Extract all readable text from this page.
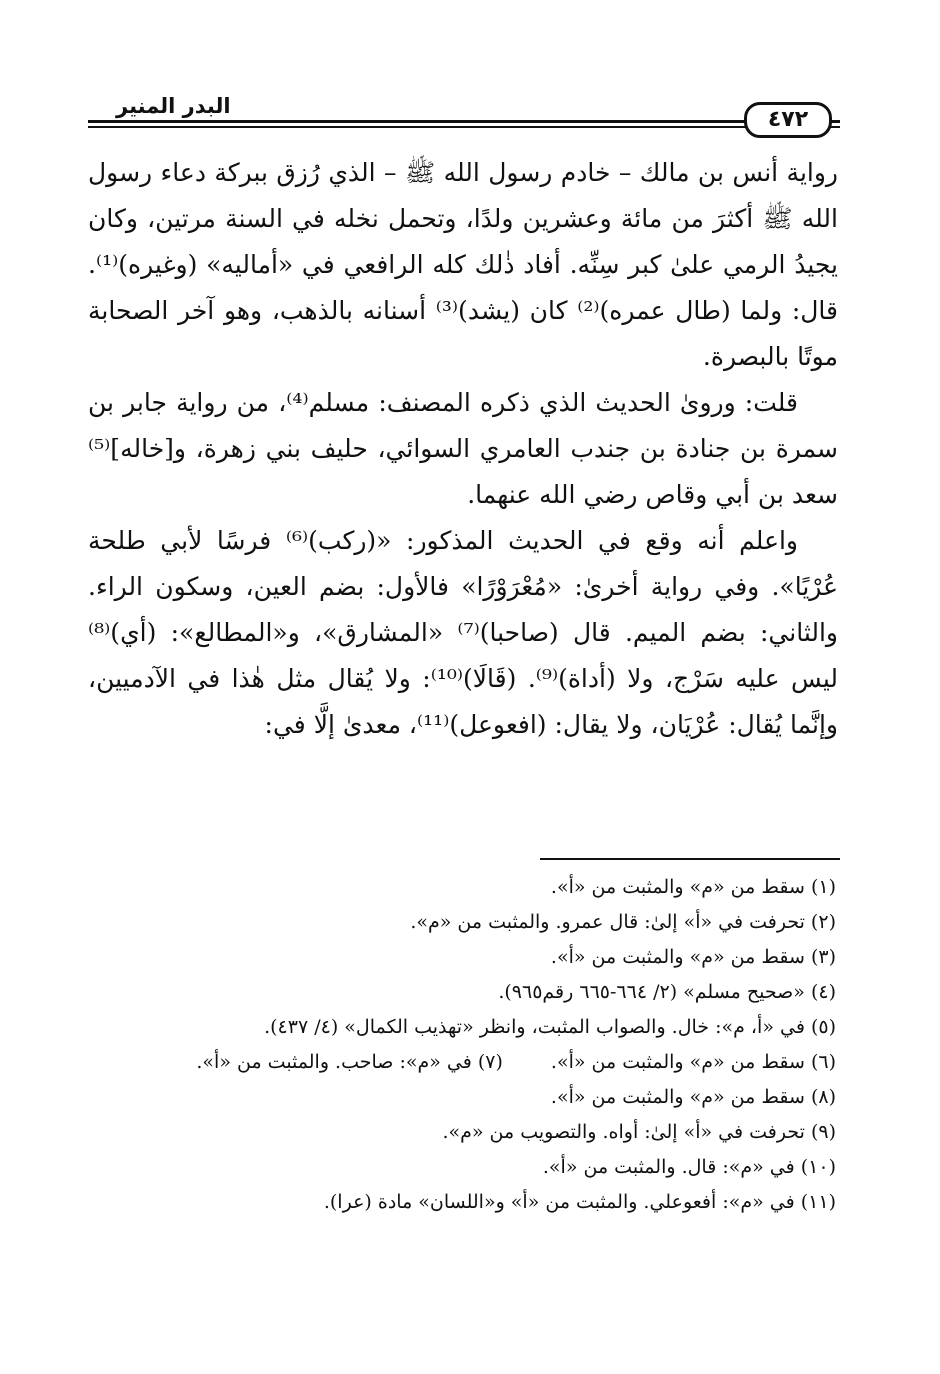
البدر المنير
٤٧٢

رواية أنس بن مالك – خادم رسول الله ﷺ – الذي رُزق ببركة دعاء رسول الله ﷺ أكثرَ من مائة وعشرين ولدًا، وتحمل نخله في السنة مرتين، وكان يجيدُ الرمي علىٰ كبر سِنِّه. أفاد ذٰلك كله الرافعي في «أماليه» (وغيره)⁽¹⁾. قال: ولما (طال عمره)⁽²⁾ كان (يشد)⁽³⁾ أسنانه بالذهب، وهو آخر الصحابة موتًا بالبصرة.

قلت: ورویٰ الحديث الذي ذكره المصنف: مسلم⁽⁴⁾، من رواية جابر بن سمرة بن جنادة بن جندب العامري السوائي، حليف بني زهرة، و[خاله]⁽⁵⁾ سعد بن أبي وقاص رضي الله عنهما.

واعلم أنه وقع في الحديث المذكور: «(ركب)⁽⁶⁾ فرسًا لأبي طلحة عُرْيًا». وفي رواية أخرىٰ: «مُعْرَوْرًا» فالأول: بضم العين، وسكون الراء. والثاني: بضم الميم. قال (صاحبا)⁽⁷⁾ «المشارق»، و«المطالع»: (أي)⁽⁸⁾ ليس عليه سَرْج، ولا (أداة)⁽⁹⁾. (قَالَا)⁽¹⁰⁾: ولا يُقال مثل هٰذا في الآدميين، وإنَّما يُقال: عُرْيَان، ولا يقال: (افعوعل)⁽¹¹⁾، معدىٰ إلَّا في:

(١) سقط من «م» والمثبت من «أ».

(٢) تحرفت في «أ» إلىٰ: قال عمرو. والمثبت من «م».

(٣) سقط من «م» والمثبت من «أ».

(٤) «صحيح مسلم» (٢/ ٦٦٤-٦٦٥ رقم٩٦٥).

(٥) في «أ، م»: خال. والصواب المثبت، وانظر «تهذيب الكمال» (٤/ ٤٣٧).

(٦) سقط من «م» والمثبت من «أ».
(٧) في «م»: صاحب. والمثبت من «أ».

(٨) سقط من «م» والمثبت من «أ».

(٩) تحرفت في «أ» إلىٰ: أواه. والتصويب من «م».

(١٠) في «م»: قال. والمثبت من «أ».

(١١) في «م»: أفعوعلي. والمثبت من «أ» و«اللسان» مادة (عرا).
